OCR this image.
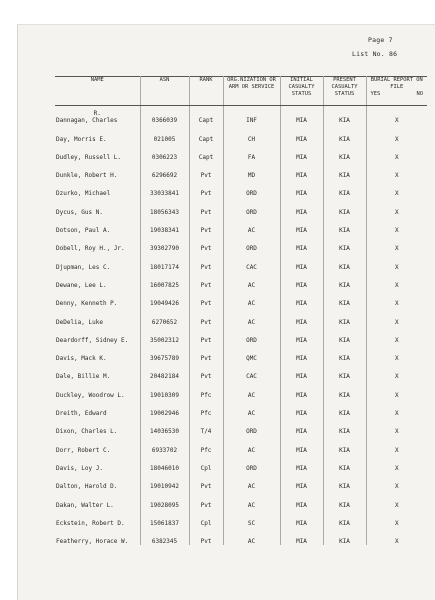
Page 7
List No. 86
NAME	ASN	RANK	ORG.NIZATION OR ARM OR SERVICE	INITIAL CASUALTY STATUS	PRESENT CASUALTY STATUS	BURIAL REPORT ON FILE
YES NO

R.
Dannagan, Charles	0366039	Capt	INF	MIA	KIA	X
Day, Morris E.	021005	Capt	CH	MIA	KIA	X
Dudley, Russell L.	0306223	Capt	FA	MIA	KIA	X
Dunkle, Robert H.	6296692	Pvt	MD	MIA	KIA	X
Dzurko, Michael	33033841	Pvt	ORD	MIA	KIA	X
Dycus, Gus N.	18056343	Pvt	ORD	MIA	KIA	X
Dotson, Paul A.	19038341	Pvt	AC	MIA	KIA	X
Dobell, Roy H., Jr.	39302790	Pvt	ORD	MIA	KIA	X
Djupman, Les C.	18017174	Pvt	CAC	MIA	KIA	X
Dewane, Lee L.	16007825	Pvt	AC	MIA	KIA	X
Denny, Kenneth P.	19049426	Pvt	AC	MIA	KIA	X
DeDelia, Luke	6270652	Pvt	AC	MIA	KIA	X
Deardorff, Sidney E.	35002312	Pvt	ORD	MIA	KIA	X
Davis, Mack K.	39675789	Pvt	QMC	MIA	KIA	X
Dale, Billie M.	20482184	Pvt	CAC	MIA	KIA	X
Duckley, Woodrow L.	19010309	Pfc	AC	MIA	KIA	X
Dreith, Edward	19002946	Pfc	AC	MIA	KIA	X
Dixon, Charles L.	14036530	T/4	ORD	MIA	KIA	X
Dorr, Robert C.	6933702	Pfc	AC	MIA	KIA	X
Davis, Loy J.	18046010	Cpl	ORD	MIA	KIA	X
Dalton, Harold D.	19010942	Pvt	AC	MIA	KIA	X
Dakan, Walter L.	19028095	Pvt	AC	MIA	KIA	X
Eckstein, Robert D.	15061837	Cpl	SC	MIA	KIA	X
Featherry, Horace W.	6382345	Pvt	AC	MIA	KIA	X
